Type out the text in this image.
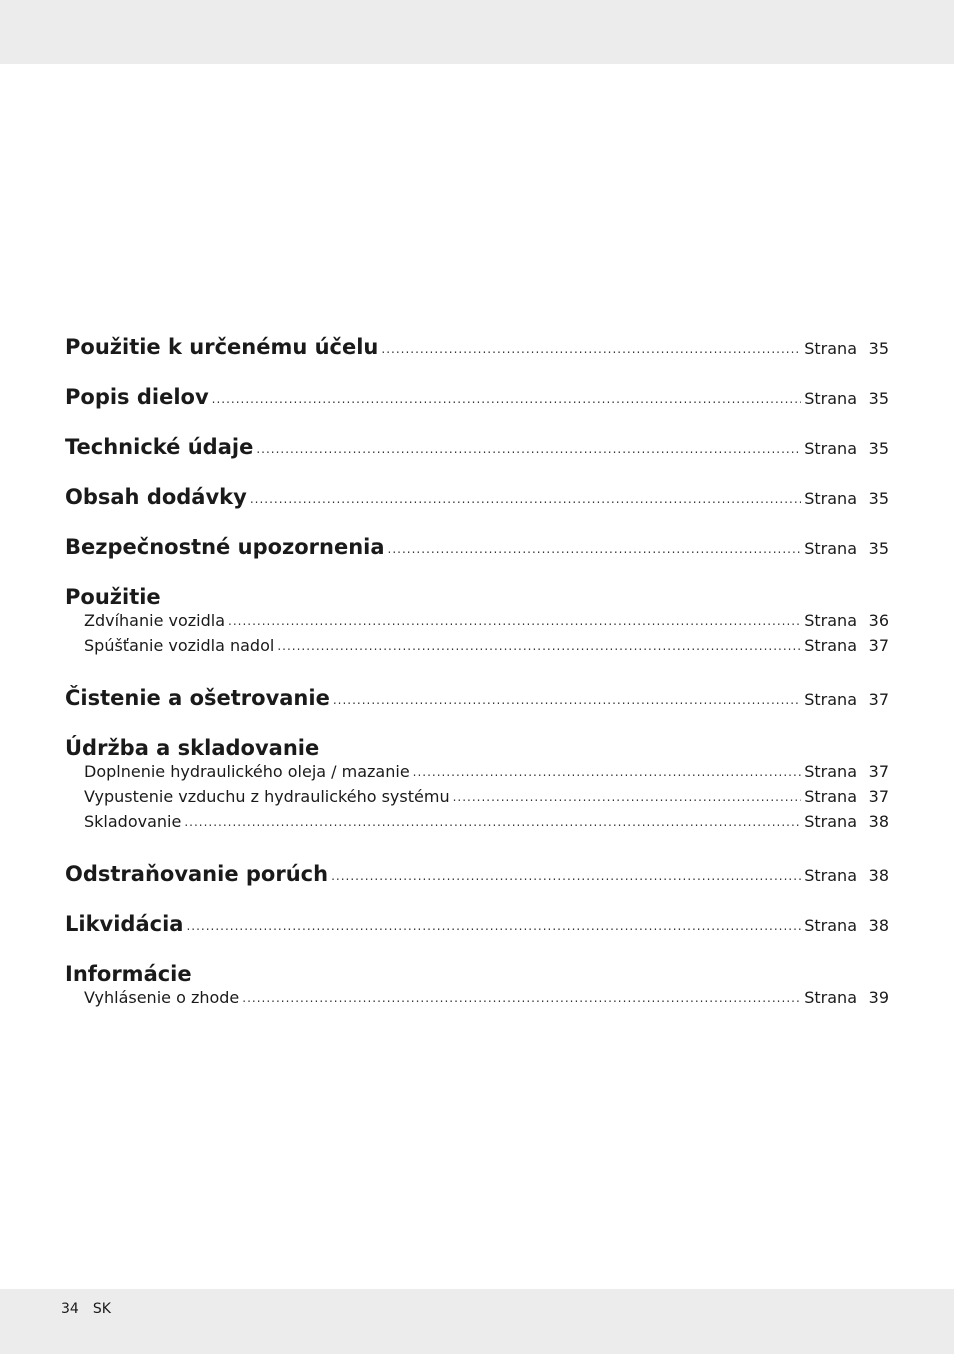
Použitie k určenému účelu .....	Strana 35
Popis dielov .....	Strana 35
Technické údaje .....	Strana 35
Obsah dodávky .....	Strana 35
Bezpečnostné upozornenia .....	Strana 35
Použitie
Zdvíhanie vozidla .....	Strana 36
Spúšťanie vozidla nadol .....	Strana 37
Čistenie a ošetrovanie .....	Strana 37
Údržba a skladovanie
Doplnenie hydraulického oleja / mazanie .....	Strana 37
Vypustenie vzduchu z hydraulického systému .....	Strana 37
Skladovanie .....	Strana 38
Odstraňovanie porúch .....	Strana 38
Likvidácia .....	Strana 38
Informácie
Vyhlásenie o zhode .....	Strana 39
34 SK
